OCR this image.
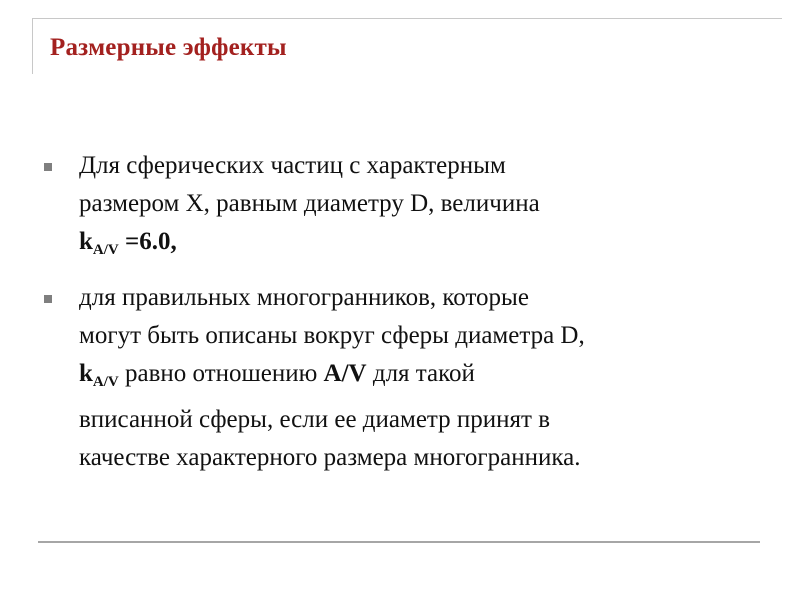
Размерные эффекты
Для сферических частиц с характерным
размером X, равным диаметру D, величина
$k_{A/V} =6.0$,
для правильных многогранников, которые
могут быть описаны вокруг сферы диаметра D,
$k_{A/V}$ равно отношению A/V для такой
вписанной сферы, если ее диаметр принят в
качестве характерного размера многогранника.
